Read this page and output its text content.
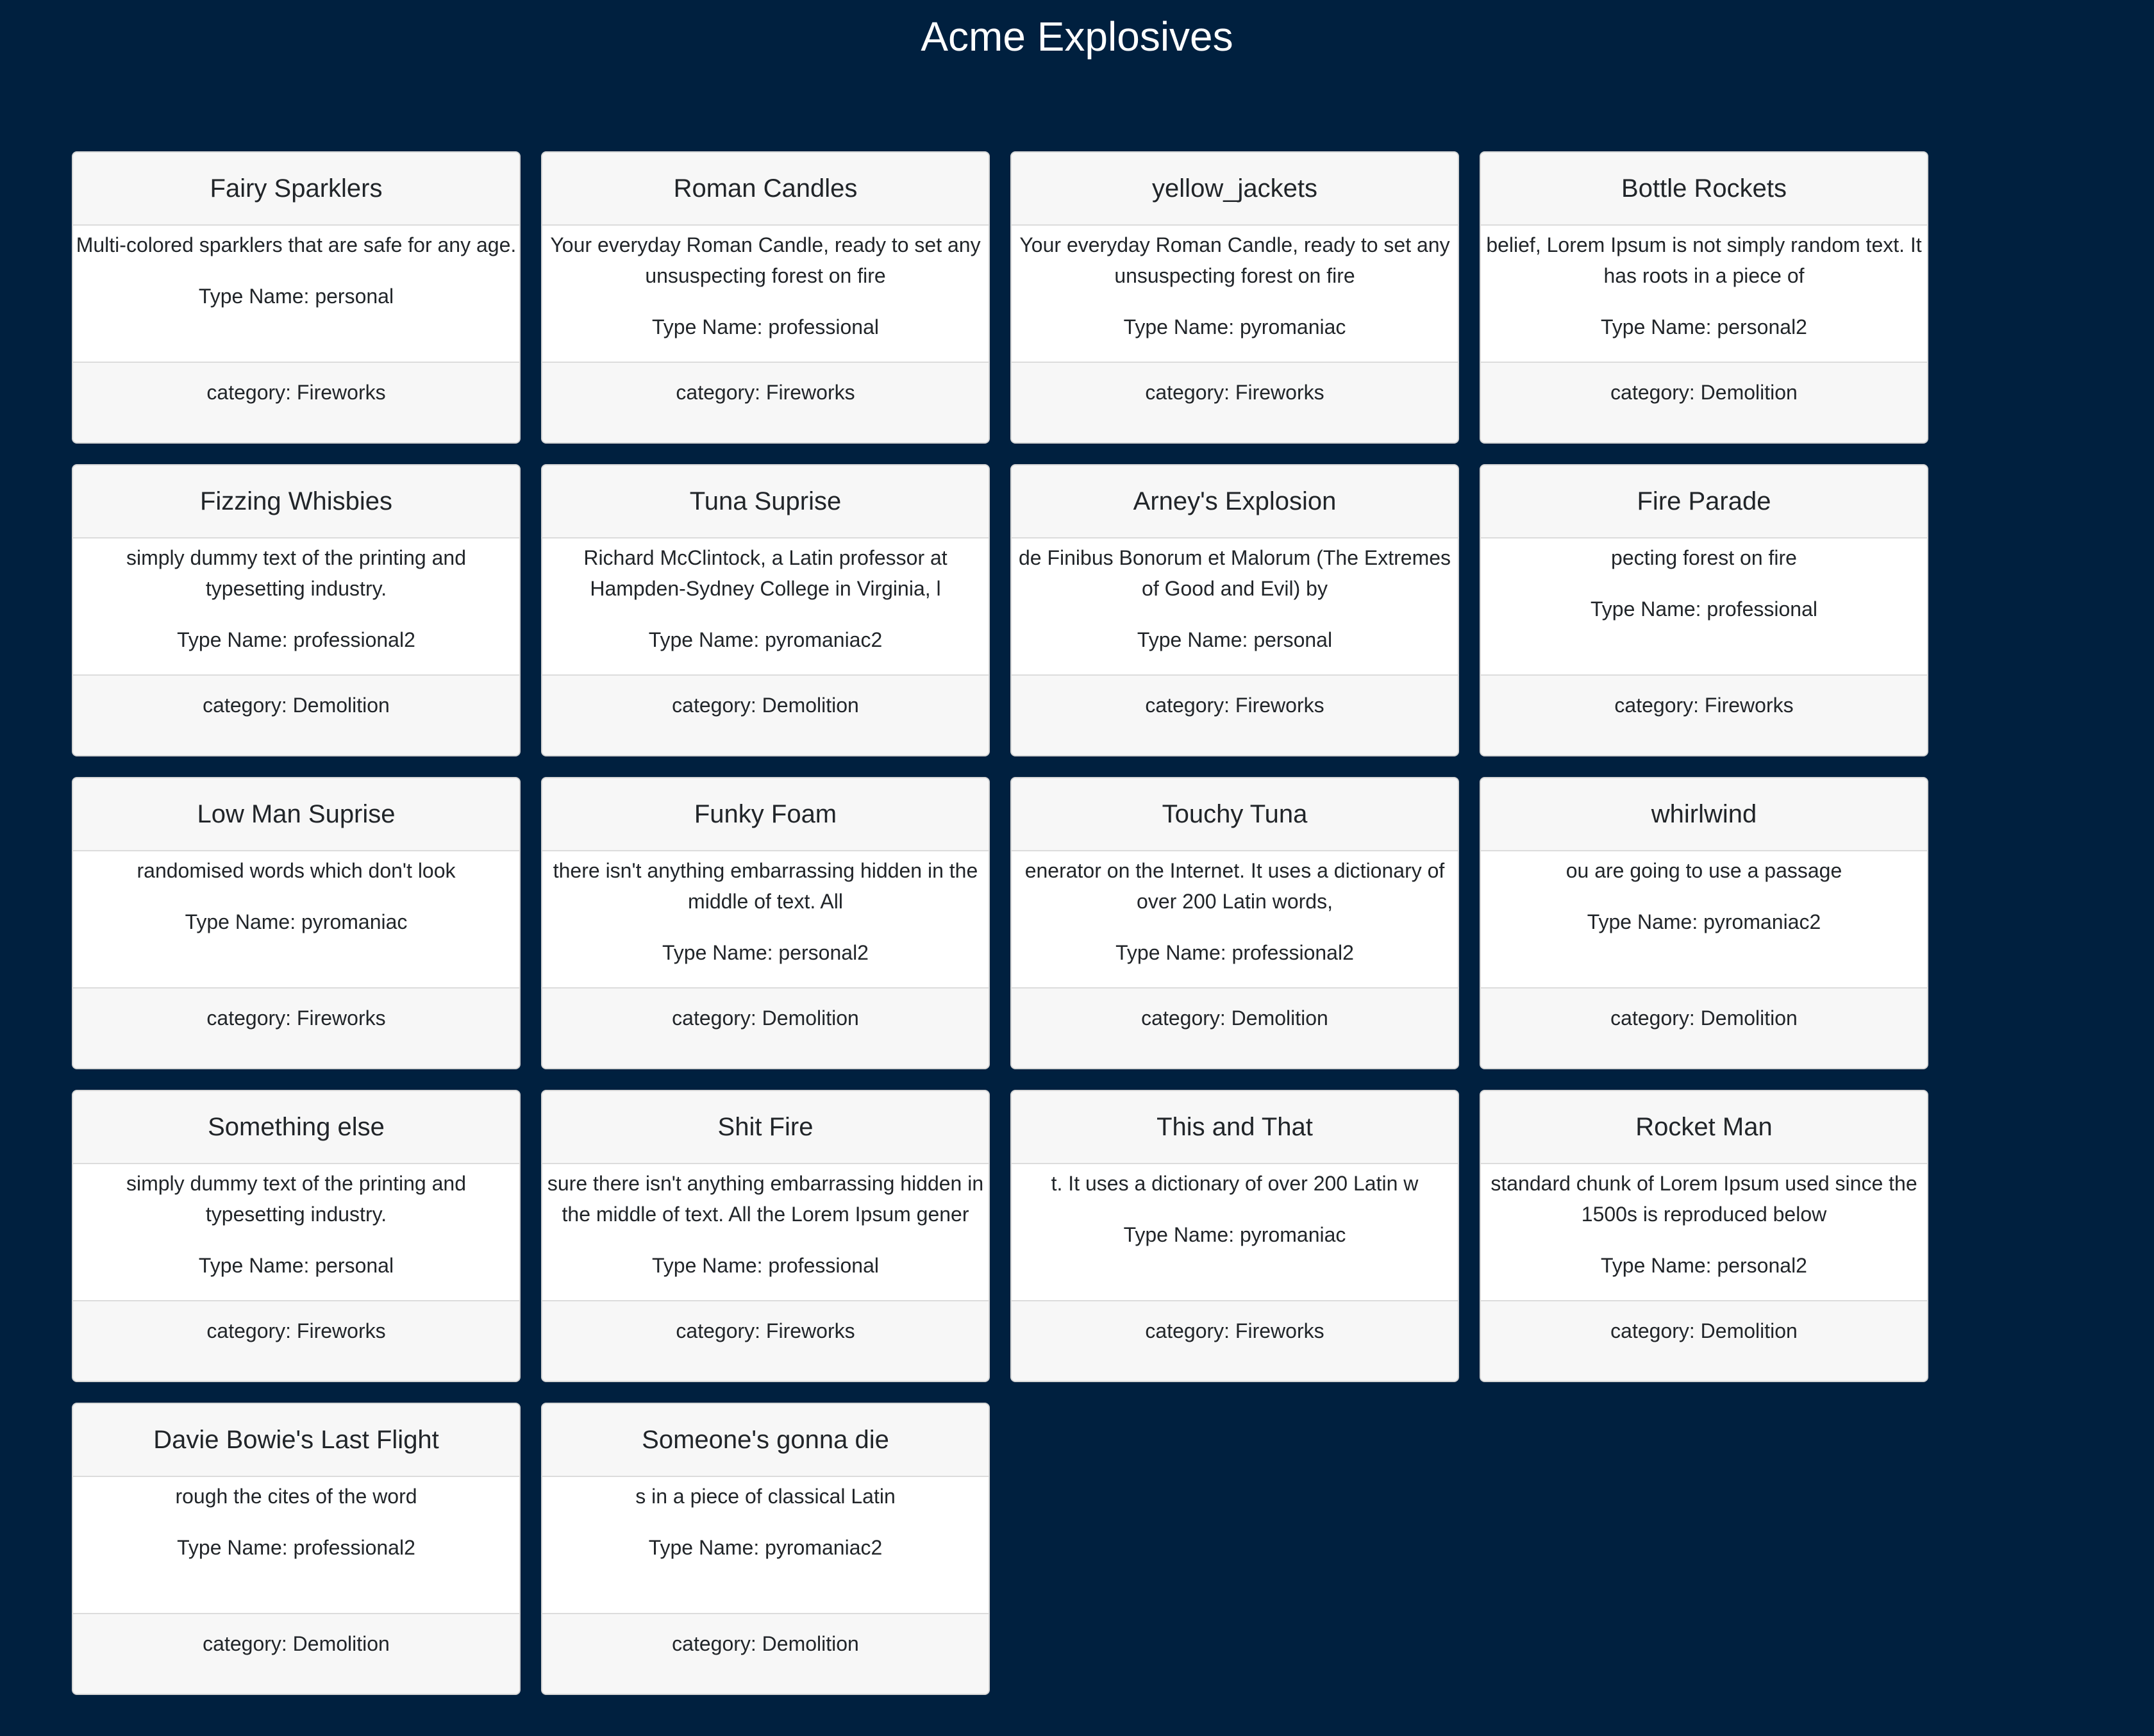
Acme Explosives
Fairy Sparklers

Multi-colored sparklers that are safe for any age.

Type Name: personal

category: Fireworks
Roman Candles

Your everyday Roman Candle, ready to set any unsuspecting forest on fire

Type Name: professional

category: Fireworks
yellow_jackets

Your everyday Roman Candle, ready to set any unsuspecting forest on fire

Type Name: pyromaniac

category: Fireworks
Bottle Rockets

belief, Lorem Ipsum is not simply random text. It has roots in a piece of

Type Name: personal2

category: Demolition
Fizzing Whisbies

simply dummy text of the printing and typesetting industry.

Type Name: professional2

category: Demolition
Tuna Suprise

Richard McClintock, a Latin professor at Hampden-Sydney College in Virginia, l

Type Name: pyromaniac2

category: Demolition
Arney's Explosion

de Finibus Bonorum et Malorum (The Extremes of Good and Evil) by

Type Name: personal

category: Fireworks
Fire Parade

pecting forest on fire

Type Name: professional

category: Fireworks
Low Man Suprise

randomised words which don't look

Type Name: pyromaniac

category: Fireworks
Funky Foam

there isn't anything embarrassing hidden in the middle of text. All

Type Name: personal2

category: Demolition
Touchy Tuna

enerator on the Internet. It uses a dictionary of over 200 Latin words,

Type Name: professional2

category: Demolition
whirlwind

ou are going to use a passage

Type Name: pyromaniac2

category: Demolition
Something else

simply dummy text of the printing and typesetting industry.

Type Name: personal

category: Fireworks
Shit Fire

sure there isn't anything embarrassing hidden in the middle of text. All the Lorem Ipsum gener

Type Name: professional

category: Fireworks
This and That

t. It uses a dictionary of over 200 Latin w

Type Name: pyromaniac

category: Fireworks
Rocket Man

standard chunk of Lorem Ipsum used since the 1500s is reproduced below

Type Name: personal2

category: Demolition
Davie Bowie's Last Flight

rough the cites of the word

Type Name: professional2

category: Demolition
Someone's gonna die

s in a piece of classical Latin

Type Name: pyromaniac2

category: Demolition
